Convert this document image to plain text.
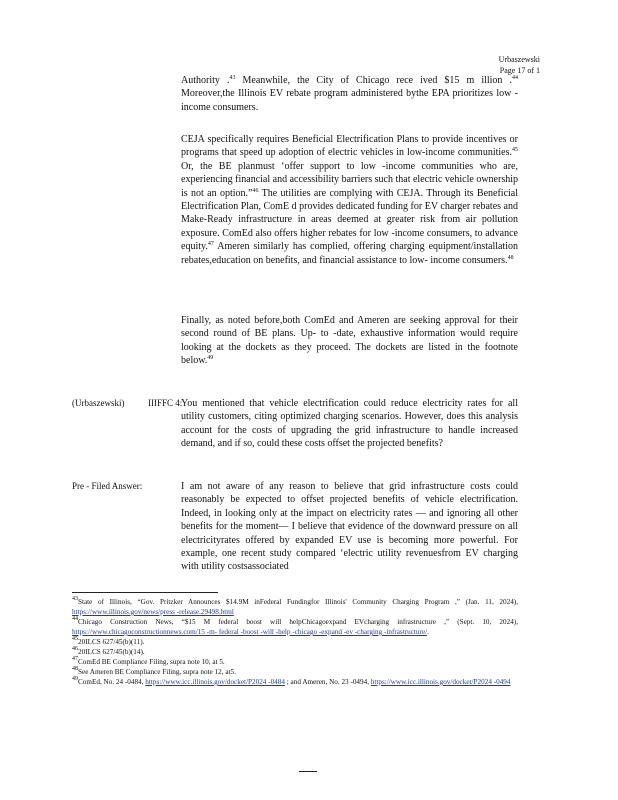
Urbaszewski
Page 17 of 1

Authority .$^{43}$ Meanwhile, the City of Chicago rece ived $15 m illion .$^{44}$ Moreover,the Illinois EV rebate program administered bythe EPA prioritizes low -income consumers.

CEJA specifically requires Beneficial Electrification Plans to provide incentives or programs that speed up adoption of electric vehicles in low-income communities.$^{45}$ Or, the BE planmust ‘offer support to low -income communities who are, experiencing financial and accessibility barriers such that electric vehicle ownership is not an option.”$^{46}$ The utilities are complying with CEJA. Through its Beneficial Electrification Plan, ComE d provides dedicated funding for EV charger rebates and Make-Ready infrastructure in areas deemed at greater risk from air pollution exposure. ComEd also offers higher rebates for low -income consumers, to advance equity.$^{47}$ Ameren similarly has complied, offering charging equipment/installation rebates,education on benefits, and financial assistance to low- income consumers.$^{48}$

Finally, as noted before,both ComEd and Ameren are seeking approval for their second round of BE plans. Up- to -date, exhaustive information would require looking at the dockets as they proceed. The dockets are listed in the footnote below.$^{49}$

(Urbaszewski)	IIIFFC 4:

You mentioned that vehicle electrification could reduce electricity rates for all utility customers, citing optimized charging scenarios. However, does this analysis account for the costs of upgrading the grid infrastructure to handle increased demand, and if so, could these costs offset the projected benefits?

Pre - Filed Answer:	I am not aware of any reason to believe that grid infrastructure costs could reasonably be expected to offset projected benefits of vehicle electrification. Indeed, in looking only at the impact on electricity rates — and ignoring all other benefits for the moment— I believe that evidence of the downward pressure on all electricityrates offered by expanded EV use is becoming more powerful. For example, one recent study compared ‘electric utility revenuesfrom EV charging with utility costsassociated

$^{43}$State of Illinois, “Gov. Pritzker Announces $14.9M inFederal Fundingfor Illinois' Community Charging Program ,” (Jan. 11, 2024), https://www.illinois.gov/news/press -release.29498.html

$^{44}$Chicago Construction News, “$15 M federal boost will helpChicagoexpand EVcharging infrastructure ,” (Sept. 10, 2024), https://www.chicagoconstructionnews.com/15 -m- federal -boost -will -help -chicago -expand -ev -charging -infrastructure/.

$^{45}$20ILCS 627/45(b)(11).

$^{46}$20ILCS 627/45(b)(14).

$^{47}$ComEd BE Compliance Filing, supra note 10, at 5.

$^{48}$See Ameren BE Compliance Filing, supra note 12, at5.

$^{49}$ComEd, No. 24 -0484, https://www.icc.illinois.gov/docket/P2024 -0484 ; and Ameren, No. 23 -0494, https://www.icc.illinois.gov/docket/P2024 -0494
